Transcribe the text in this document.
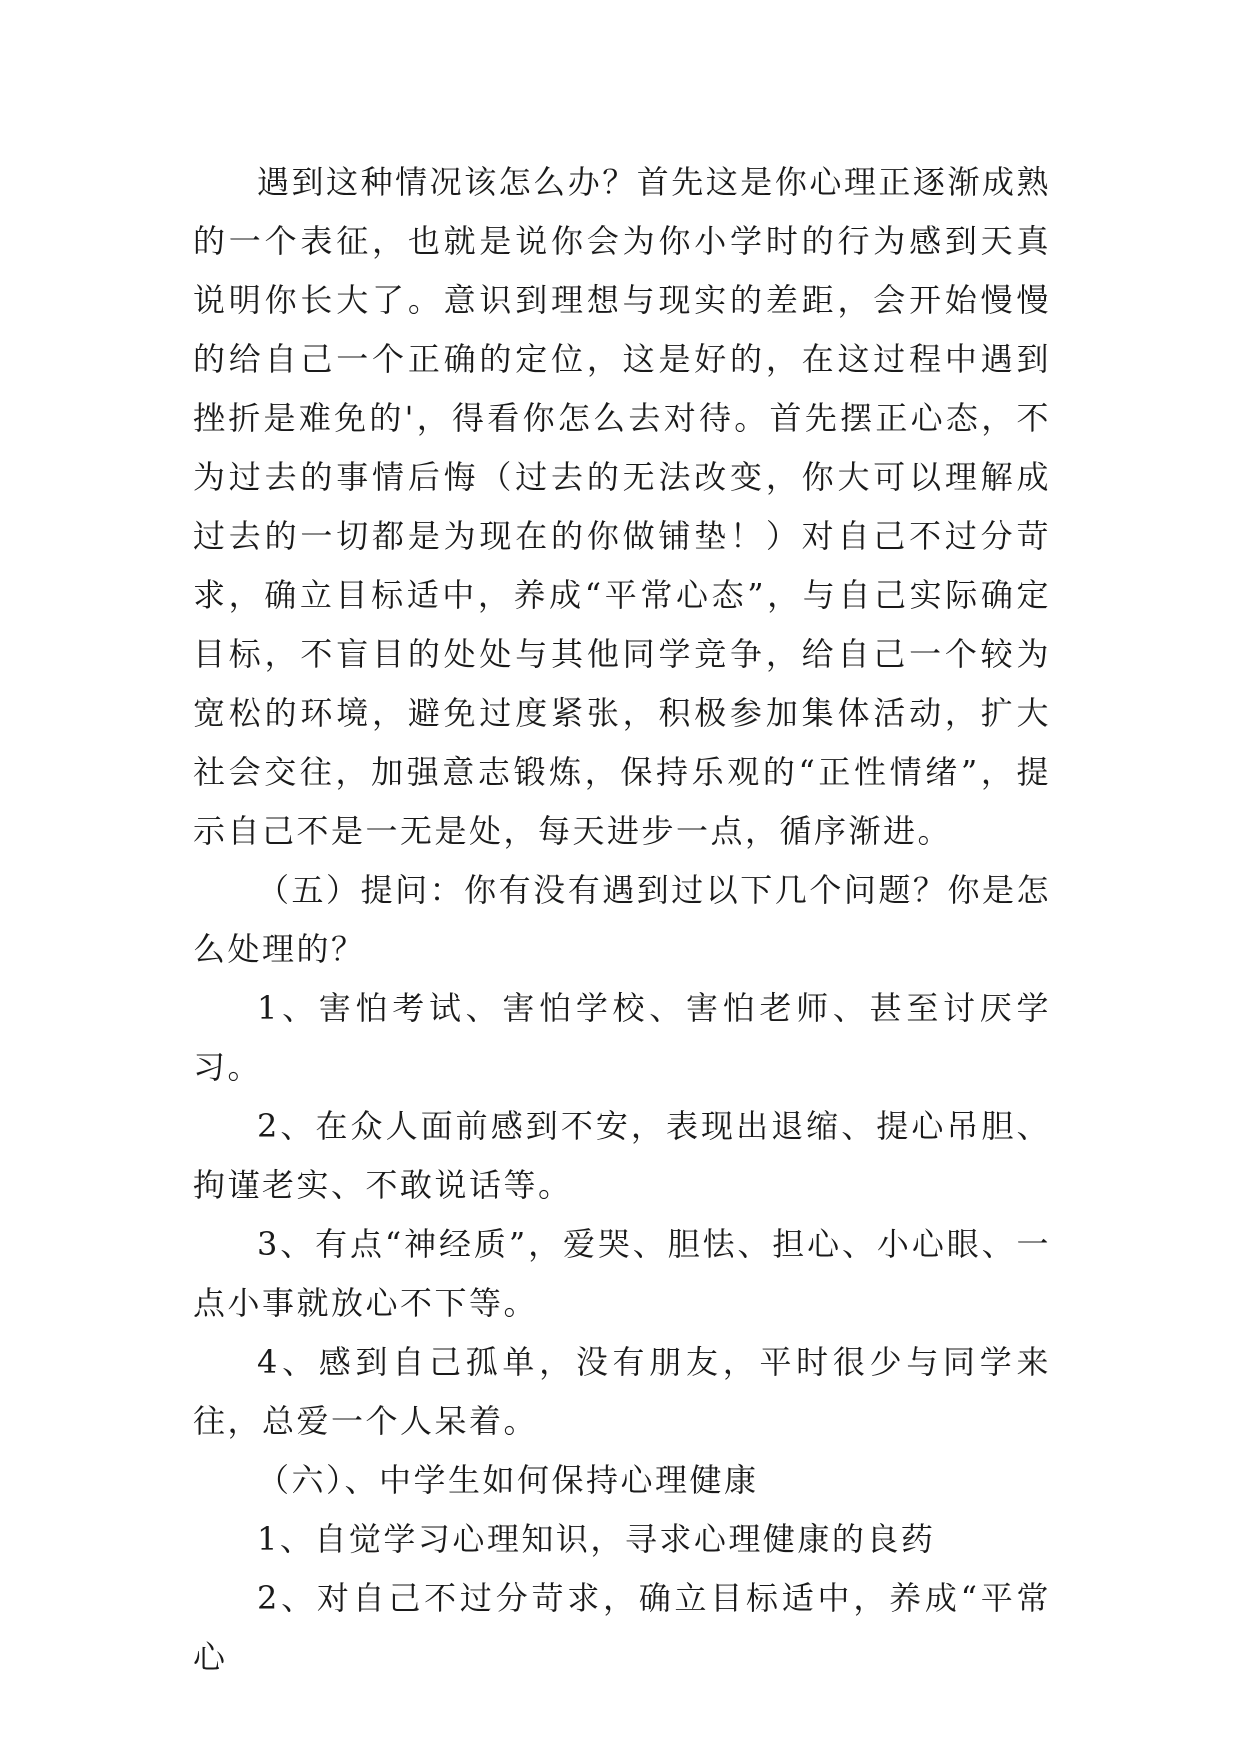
遇到这种情况该怎么办？首先这是你心理正逐渐成熟的一个表征，也就是说你会为你小学时的行为感到天真说明你长大了。意识到理想与现实的差距，会开始慢慢的给自己一个正确的定位，这是好的，在这过程中遇到挫折是难免的'，得看你怎么去对待。首先摆正心态，不为过去的事情后悔（过去的无法改变，你大可以理解成过去的一切都是为现在的你做铺垫！）对自己不过分苛求，确立目标适中，养成“平常心态”，与自己实际确定目标，不盲目的处处与其他同学竞争，给自己一个较为宽松的环境，避免过度紧张，积极参加集体活动，扩大社会交往，加强意志锻炼，保持乐观的“正性情绪”，提示自己不是一无是处，每天进步一点，循序渐进。

（五）提问：你有没有遇到过以下几个问题？你是怎么处理的？

1、害怕考试、害怕学校、害怕老师、甚至讨厌学习。

2、在众人面前感到不安，表现出退缩、提心吊胆、拘谨老实、不敢说话等。

3、有点“神经质”，爱哭、胆怯、担心、小心眼、一点小事就放心不下等。

4、感到自己孤单，没有朋友，平时很少与同学来往，总爱一个人呆着。

（六）、中学生如何保持心理健康

1、自觉学习心理知识，寻求心理健康的良药

2、对自己不过分苛求，确立目标适中，养成“平常心
